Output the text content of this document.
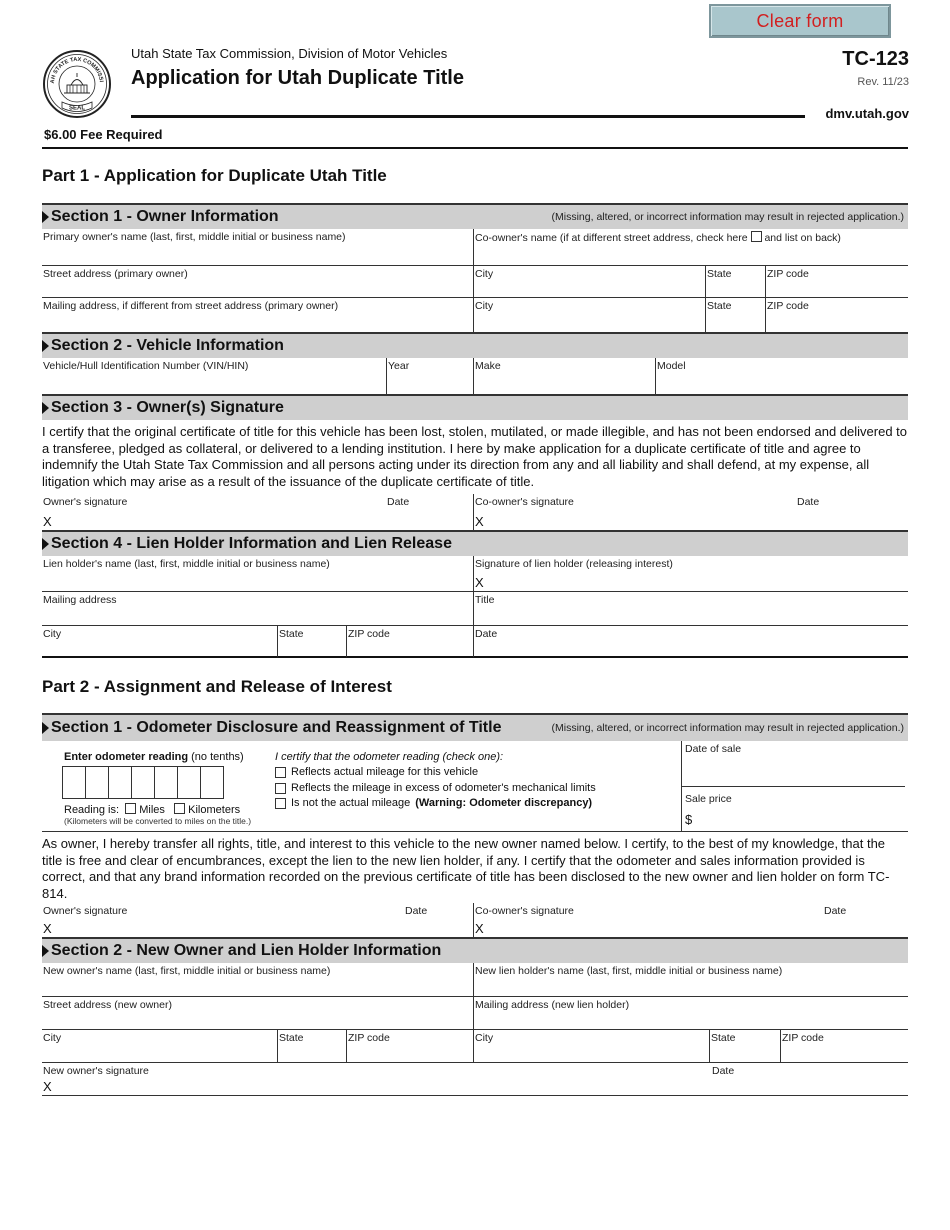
Clear form
AH STATE TAX COMMISSI
SEAL
Utah State Tax Commission, Division of Motor Vehicles
Application for Utah Duplicate Title
TC-123
Rev. 11/23
dmv.utah.gov
$6.00 Fee Required
Part 1 - Application for Duplicate Utah Title
Section 1 - Owner Information	(Missing, altered, or incorrect information may result in rejected application.)
Primary owner's name (last, first, middle initial or business name)	Co-owner's name (if at different street address, check here and list on back)
Street address (primary owner)	City	State	ZIP code
Mailing address, if different from street address (primary owner)	City	State	ZIP code
Section 2 - Vehicle Information
Vehicle/Hull Identification Number (VIN/HIN)	Year	Make	Model
Section 3 - Owner(s) Signature
I certify that the original certificate of title for this vehicle has been lost, stolen, mutilated, or made illegible, and has not been endorsed and delivered to a transferee, pledged as collateral, or delivered to a lending institution. I here by make application for a duplicate certificate of title and agree to indemnify the Utah State Tax Commission and all persons acting under its direction from any and all liability and shall defend, at my expense, all litigation which may arise as a result of the issuance of the duplicate certificate of title.
Owner's signature	Date
X
Co-owner's signature	Date
X
Section 4 - Lien Holder Information and Lien Release
Lien holder's name (last, first, middle initial or business name)	Signature of lien holder (releasing interest)
X
Mailing address	Title
City	State	ZIP code	Date
Part 2 - Assignment and Release of Interest
Section 1 - Odometer Disclosure and Reassignment of Title	(Missing, altered, or incorrect information may result in rejected application.)
Enter odometer reading (no tenths)
Reading is: Miles Kilometers
(Kilometers will be converted to miles on the title.)
I certify that the odometer reading (check one):
Reflects actual mileage for this vehicle
Reflects the mileage in excess of odometer's mechanical limits
Is not the actual mileage (Warning: Odometer discrepancy)
Date of sale
Sale price
$
As owner, I hereby transfer all rights, title, and interest to this vehicle to the new owner named below. I certify, to the best of my knowledge, that the title is free and clear of encumbrances, except the lien to the new lien holder, if any. I certify that the odometer and sales information provided is correct, and that any brand information recorded on the previous certificate of title has been disclosed to the new owner and lien holder on form TC-814.
Owner's signature	Date
X
Co-owner's signature	Date
X
Section 2 - New Owner and Lien Holder Information
New owner's name (last, first, middle initial or business name)	New lien holder's name (last, first, middle initial or business name)
Street address (new owner)	Mailing address (new lien holder)
City	State	ZIP code	City	State	ZIP code
New owner's signature	Date
X
